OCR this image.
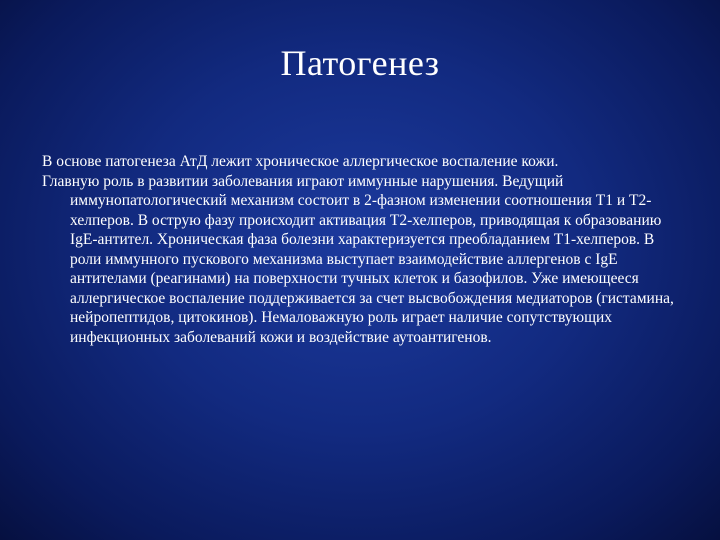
Патогенез

В основе патогенеза АтД лежит хроническое аллергическое воспаление кожи.

Главную роль в развитии заболевания играют иммунные нарушения. Ведущий иммунопатологический механизм состоит в 2-фазном изменении соотношения Т1 и Т2-хелперов. В острую фазу происходит активация Т2-хелперов, приводящая к образованию IgE-антител. Хроническая фаза болезни характеризуется преобладанием Т1-хелперов. В роли иммунного пускового механизма выступает взаимодействие аллергенов с IgE антителами (реагинами) на поверхности тучных клеток и базофилов. Уже имеющееся аллергическое воспаление поддерживается за счет высвобождения медиаторов (гистамина, нейропептидов, цитокинов). Немаловажную роль играет наличие сопутствующих инфекционных заболеваний кожи и воздействие аутоантигенов.
